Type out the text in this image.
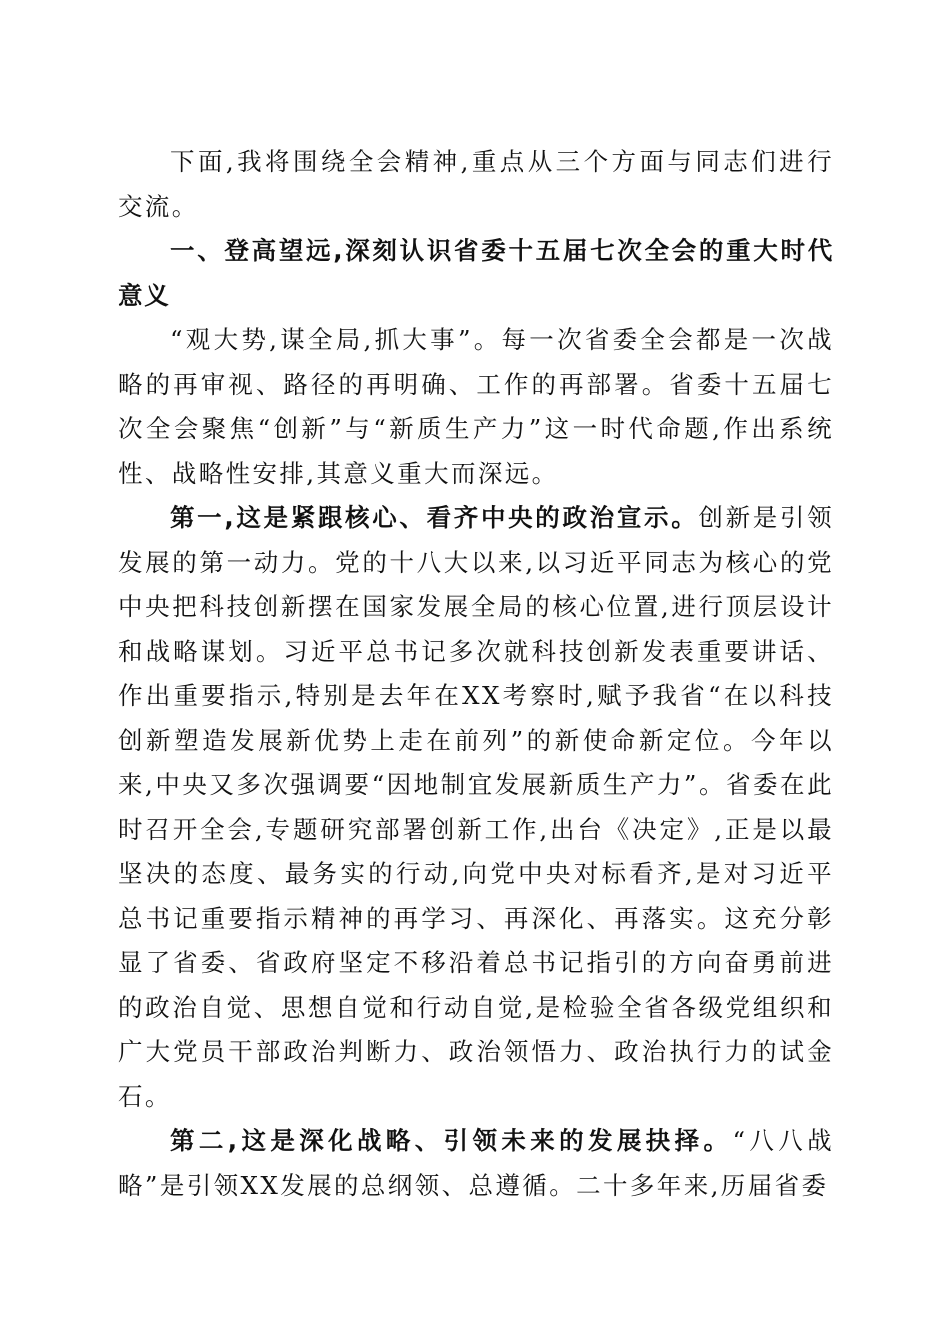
下面,我将围绕全会精神,重点从三个方面与同志们进行交流。

一、登高望远,深刻认识省委十五届七次全会的重大时代意义

“观大势,谋全局,抓大事”。每一次省委全会都是一次战略的再审视、路径的再明确、工作的再部署。省委十五届七次全会聚焦“创新”与“新质生产力”这一时代命题,作出系统性、战略性安排,其意义重大而深远。

第一,这是紧跟核心、看齐中央的政治宣示。创新是引领发展的第一动力。党的十八大以来,以习近平同志为核心的党中央把科技创新摆在国家发展全局的核心位置,进行顶层设计和战略谋划。习近平总书记多次就科技创新发表重要讲话、作出重要指示,特别是去年在XX考察时,赋予我省“在以科技创新塑造发展新优势上走在前列”的新使命新定位。今年以来,中央又多次强调要“因地制宜发展新质生产力”。省委在此时召开全会,专题研究部署创新工作,出台《决定》,正是以最坚决的态度、最务实的行动,向党中央对标看齐,是对习近平总书记重要指示精神的再学习、再深化、再落实。这充分彰显了省委、省政府坚定不移沿着总书记指引的方向奋勇前进的政治自觉、思想自觉和行动自觉,是检验全省各级党组织和广大党员干部政治判断力、政治领悟力、政治执行力的试金石。

第二,这是深化战略、引领未来的发展抉择。“八八战略”是引领XX发展的总纲领、总遵循。二十多年来,历届省委
